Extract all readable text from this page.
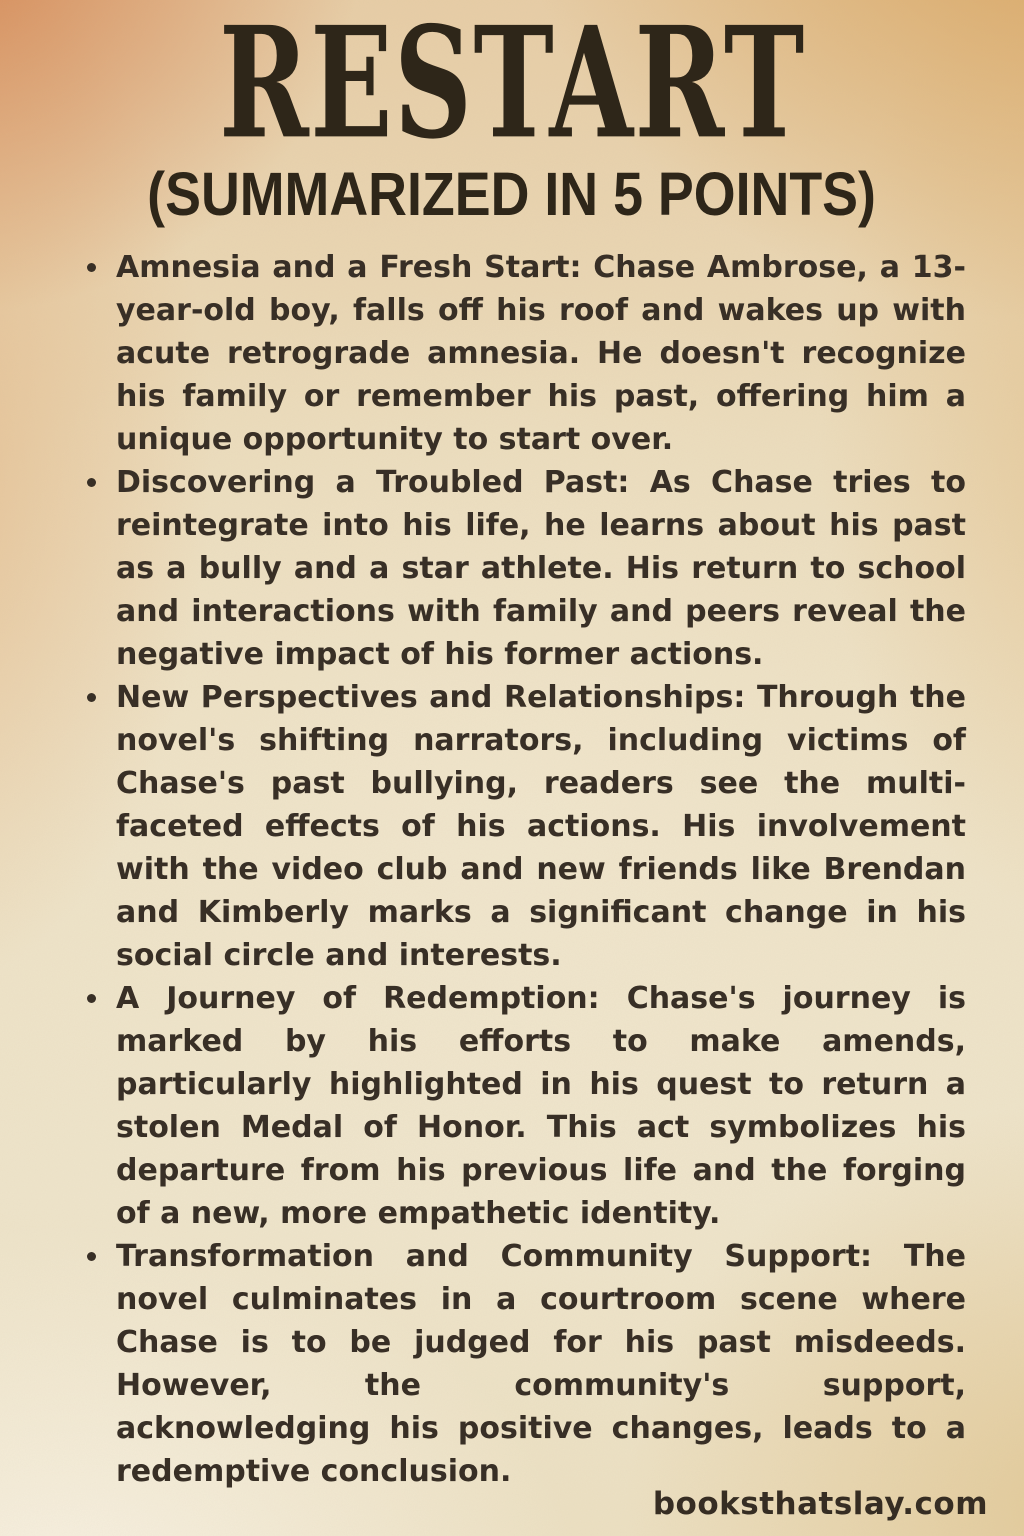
RESTART
(SUMMARIZED IN 5 POINTS)
Amnesia and a Fresh Start: Chase Ambrose, a 13-year-old boy, falls off his roof and wakes up with acute retrograde amnesia. He doesn't recognize his family or remember his past, offering him a unique opportunity to start over.
Discovering a Troubled Past: As Chase tries to reintegrate into his life, he learns about his past as a bully and a star athlete. His return to school and interactions with family and peers reveal the negative impact of his former actions.
New Perspectives and Relationships: Through the novel's shifting narrators, including victims of Chase's past bullying, readers see the multi-faceted effects of his actions. His involvement with the video club and new friends like Brendan and Kimberly marks a significant change in his social circle and interests.
A Journey of Redemption: Chase's journey is marked by his efforts to make amends, particularly highlighted in his quest to return a stolen Medal of Honor. This act symbolizes his departure from his previous life and the forging of a new, more empathetic identity.
Transformation and Community Support: The novel culminates in a courtroom scene where Chase is to be judged for his past misdeeds. However, the community's support, acknowledging his positive changes, leads to a redemptive conclusion.
booksthatslay.com
